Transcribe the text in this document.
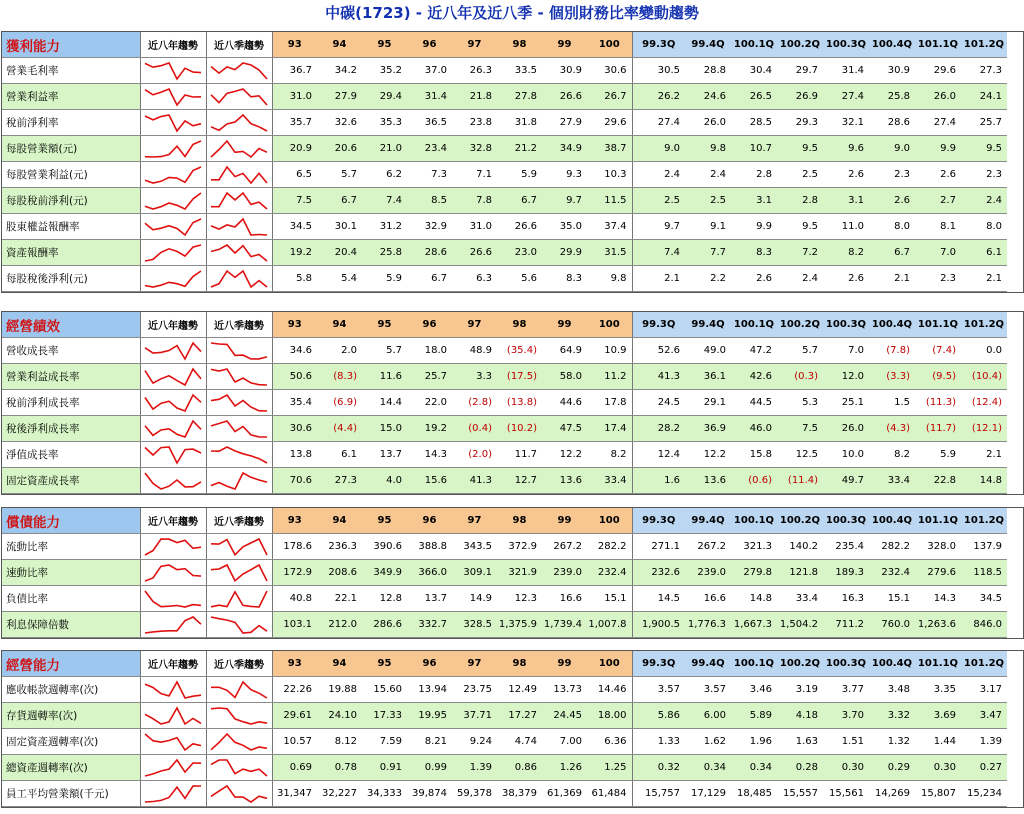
中碳(1723) - 近八年及近八季 - 個別財務比率變動趨勢
獲利能力	近八年趨勢	近八季趨勢	93	94	95	96	97	98	99	100	99.3Q	99.4Q	100.1Q	100.2Q	100.3Q	100.4Q	101.1Q	101.2Q
營業毛利率			36.7	34.2	35.2	37.0	26.3	33.5	30.9	30.6	30.5	28.8	30.4	29.7	31.4	30.9	29.6	27.3
營業利益率			31.0	27.9	29.4	31.4	21.8	27.8	26.6	26.7	26.2	24.6	26.5	26.9	27.4	25.8	26.0	24.1
稅前淨利率			35.7	32.6	35.3	36.5	23.8	31.8	27.9	29.6	27.4	26.0	28.5	29.3	32.1	28.6	27.4	25.7
每股營業額(元)			20.9	20.6	21.0	23.4	32.8	21.2	34.9	38.7	9.0	9.8	10.7	9.5	9.6	9.0	9.9	9.5
每股營業利益(元)			6.5	5.7	6.2	7.3	7.1	5.9	9.3	10.3	2.4	2.4	2.8	2.5	2.6	2.3	2.6	2.3
每股稅前淨利(元)			7.5	6.7	7.4	8.5	7.8	6.7	9.7	11.5	2.5	2.5	3.1	2.8	3.1	2.6	2.7	2.4
股東權益報酬率			34.5	30.1	31.2	32.9	31.0	26.6	35.0	37.4	9.7	9.1	9.9	9.5	11.0	8.0	8.1	8.0
資產報酬率			19.2	20.4	25.8	28.6	26.6	23.0	29.9	31.5	7.4	7.7	8.3	7.2	8.2	6.7	7.0	6.1
每股稅後淨利(元)			5.8	5.4	5.9	6.7	6.3	5.6	8.3	9.8	2.1	2.2	2.6	2.4	2.6	2.1	2.3	2.1
經營績效	近八年趨勢	近八季趨勢	93	94	95	96	97	98	99	100	99.3Q	99.4Q	100.1Q	100.2Q	100.3Q	100.4Q	101.1Q	101.2Q
營收成長率			34.6	2.0	5.7	18.0	48.9	(35.4)	64.9	10.9	52.6	49.0	47.2	5.7	7.0	(7.8)	(7.4)	0.0
營業利益成長率			50.6	(8.3)	11.6	25.7	3.3	(17.5)	58.0	11.2	41.3	36.1	42.6	(0.3)	12.0	(3.3)	(9.5)	(10.4)
稅前淨利成長率			35.4	(6.9)	14.4	22.0	(2.8)	(13.8)	44.6	17.8	24.5	29.1	44.5	5.3	25.1	1.5	(11.3)	(12.4)
稅後淨利成長率			30.6	(4.4)	15.0	19.2	(0.4)	(10.2)	47.5	17.4	28.2	36.9	46.0	7.5	26.0	(4.3)	(11.7)	(12.1)
淨值成長率			13.8	6.1	13.7	14.3	(2.0)	11.7	12.2	8.2	12.4	12.2	15.8	12.5	10.0	8.2	5.9	2.1
固定資產成長率			70.6	27.3	4.0	15.6	41.3	12.7	13.6	33.4	1.6	13.6	(0.6)	(11.4)	49.7	33.4	22.8	14.8
償債能力	近八年趨勢	近八季趨勢	93	94	95	96	97	98	99	100	99.3Q	99.4Q	100.1Q	100.2Q	100.3Q	100.4Q	101.1Q	101.2Q
流動比率			178.6	236.3	390.6	388.8	343.5	372.9	267.2	282.2	271.1	267.2	321.3	140.2	235.4	282.2	328.0	137.9
速動比率			172.9	208.6	349.9	366.0	309.1	321.9	239.0	232.4	232.6	239.0	279.8	121.8	189.3	232.4	279.6	118.5
負債比率			40.8	22.1	12.8	13.7	14.9	12.3	16.6	15.1	14.5	16.6	14.8	33.4	16.3	15.1	14.3	34.5
利息保障倍數			103.1	212.0	286.6	332.7	328.5	1,375.9	1,739.4	1,007.8	1,900.5	1,776.3	1,667.3	1,504.2	711.2	760.0	1,263.6	846.0
經營能力	近八年趨勢	近八季趨勢	93	94	95	96	97	98	99	100	99.3Q	99.4Q	100.1Q	100.2Q	100.3Q	100.4Q	101.1Q	101.2Q
應收帳款週轉率(次)			22.26	19.88	15.60	13.94	23.75	12.49	13.73	14.46	3.57	3.57	3.46	3.19	3.77	3.48	3.35	3.17
存貨週轉率(次)			29.61	24.10	17.33	19.95	37.71	17.27	24.45	18.00	5.86	6.00	5.89	4.18	3.70	3.32	3.69	3.47
固定資產週轉率(次)			10.57	8.12	7.59	8.21	9.24	4.74	7.00	6.36	1.33	1.62	1.96	1.63	1.51	1.32	1.44	1.39
總資產週轉率(次)			0.69	0.78	0.91	0.99	1.39	0.86	1.26	1.25	0.32	0.34	0.34	0.28	0.30	0.29	0.30	0.27
員工平均營業額(千元)			31,347	32,227	34,333	39,874	59,378	38,379	61,369	61,484	15,757	17,129	18,485	15,557	15,561	14,269	15,807	15,234
